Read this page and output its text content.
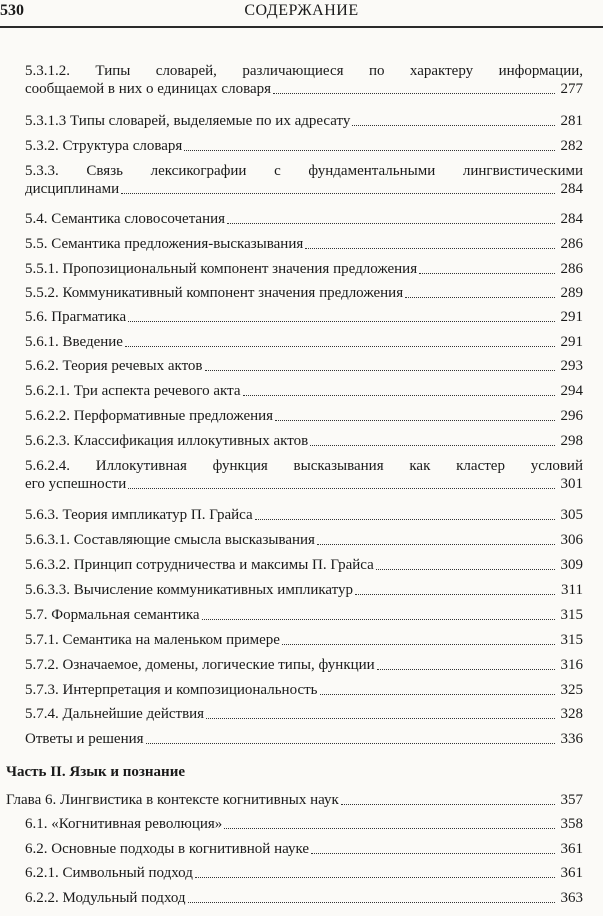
530	СОДЕРЖАНИЕ
5.3.1.2. Типы словарей, различающиеся по характеру информации,
сообщаемой в них о единицах словаря	277
5.3.1.3 Типы словарей, выделяемые по их адресату	281
5.3.2. Структура словаря	282
5.3.3. Связь лексикографии с фундаментальными лингвистическими
дисциплинами	284
5.4. Семантика словосочетания	284
5.5. Семантика предложения-высказывания	286
5.5.1. Пропозициональный компонент значения предложения	286
5.5.2. Коммуникативный компонент значения предложения	289
5.6. Прагматика	291
5.6.1. Введение	291
5.6.2. Теория речевых актов	293
5.6.2.1. Три аспекта речевого акта	294
5.6.2.2. Перформативные предложения	296
5.6.2.3. Классификация иллокутивных актов	298
5.6.2.4. Иллокутивная функция высказывания как кластер условий
его успешности	301
5.6.3. Теория импликатур П. Грайса	305
5.6.3.1. Составляющие смысла высказывания	306
5.6.3.2. Принцип сотрудничества и максимы П. Грайса	309
5.6.3.3. Вычисление коммуникативных импликатур	311
5.7. Формальная семантика	315
5.7.1. Семантика на маленьком примере	315
5.7.2. Означаемое, домены, логические типы, функции	316
5.7.3. Интерпретация и композициональность	325
5.7.4. Дальнейшие действия	328
Ответы и решения	336
Часть II. Язык и познание
Глава 6. Лингвистика в контексте когнитивных наук	357
6.1. «Когнитивная революция»	358
6.2. Основные подходы в когнитивной науке	361
6.2.1. Символьный подход	361
6.2.2. Модульный подход	363
